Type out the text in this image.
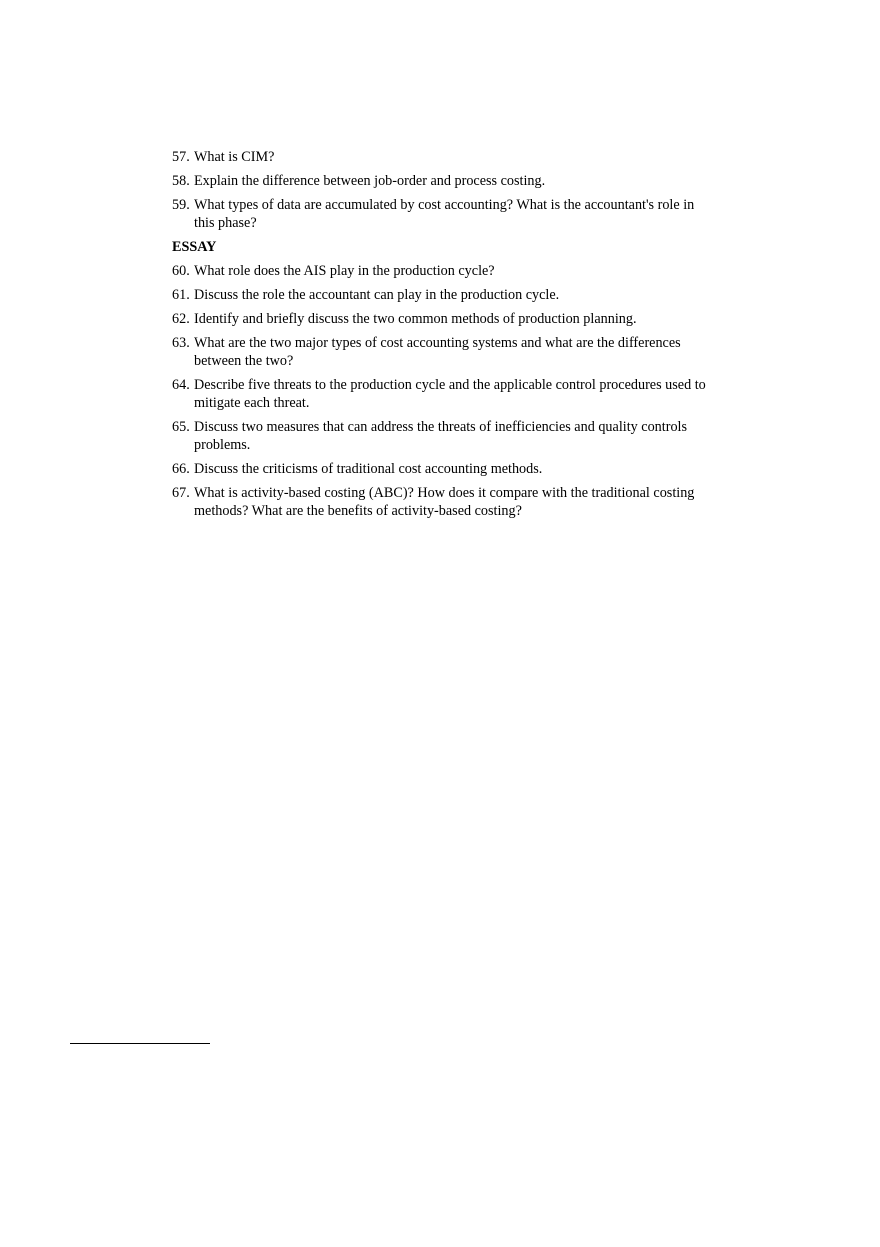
57. What is CIM?
58. Explain the difference between job-order and process costing.
59. What types of data are accumulated by cost accounting? What is the accountant's role in this phase?
ESSAY
60. What role does the AIS play in the production cycle?
61. Discuss the role the accountant can play in the production cycle.
62. Identify and briefly discuss the two common methods of production planning.
63. What are the two major types of cost accounting systems and what are the differences between the two?
64. Describe five threats to the production cycle and the applicable control procedures used to mitigate each threat.
65. Discuss two measures that can address the threats of inefficiencies and quality controls problems.
66. Discuss the criticisms of traditional cost accounting methods.
67. What is activity-based costing (ABC)? How does it compare with the traditional costing methods? What are the benefits of activity-based costing?
